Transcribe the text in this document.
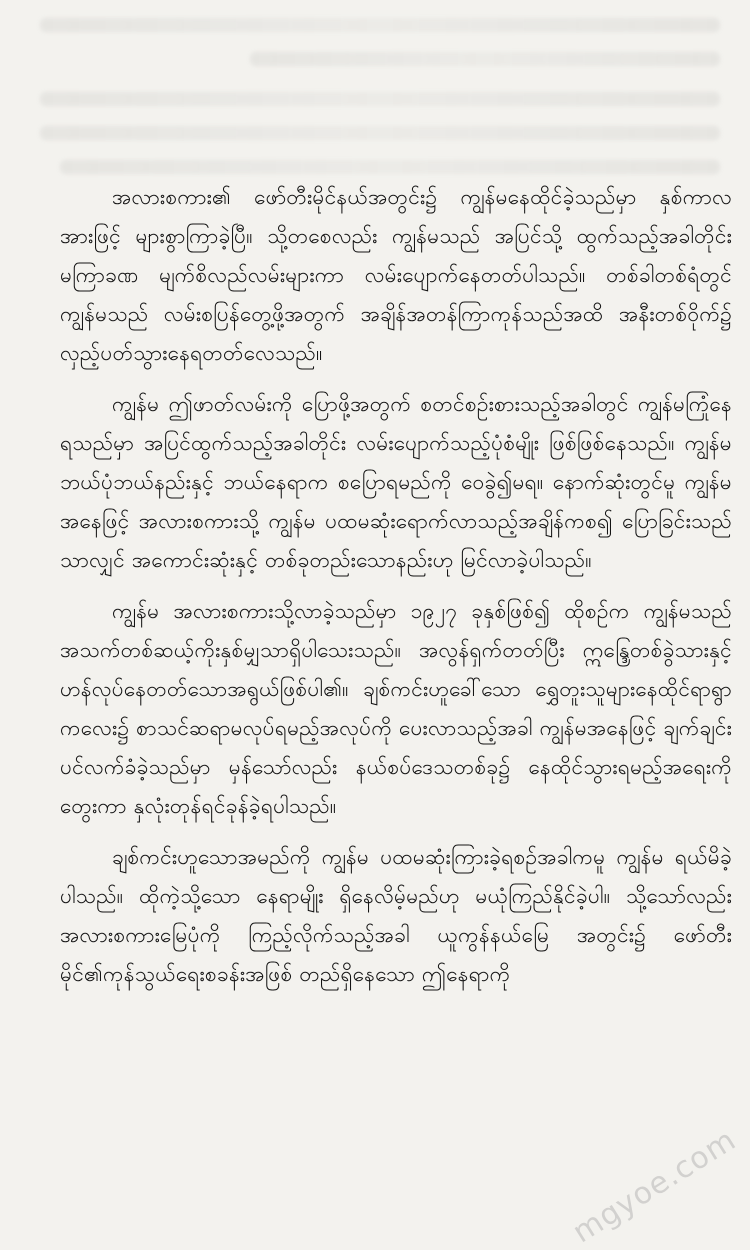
အလားစကား၏ ဖော်တီးမိုင်နယ်အတွင်း၌ ကျွန်မနေထိုင်ခဲ့သည်မှာ နှစ်ကာလအားဖြင့် များစွာကြာခဲ့ပြီ။ သို့တစေလည်း ကျွန်မသည် အပြင်သို့ ထွက်သည့်အခါတိုင်း မကြာခဏ မျက်စိလည်လမ်းများကာ လမ်းပျောက်နေတတ်ပါသည်။ တစ်ခါတစ်ရံတွင် ကျွန်မသည် လမ်းစပြန်တွေ့ဖို့အတွက် အချိန်အတန်ကြာကုန်သည်အထိ အနီးတစ်ဝိုက်၌ လှည့်ပတ်သွားနေရတတ်လေသည်။

ကျွန်မ ဤဖာတ်လမ်းကို ပြောဖို့အတွက် စတင်စဉ်းစားသည့်အခါတွင် ကျွန်မကြုံနေရသည်မှာ အပြင်ထွက်သည့်အခါတိုင်း လမ်းပျောက်သည့်ပုံစံမျိုး ဖြစ်ဖြစ်နေသည်။ ကျွန်မ ဘယ်ပုံဘယ်နည်းနှင့် ဘယ်နေရာက စပြောရမည်ကို ဝေခွဲ၍မရ။ နောက်ဆုံးတွင်မူ ကျွန်မအနေဖြင့် အလားစကားသို့ ကျွန်မ ပထမဆုံးရောက်လာသည့်အချိန်ကစ၍ ပြောခြင်းသည်သာလျှင် အကောင်းဆုံးနှင့် တစ်ခုတည်းသောနည်းဟု မြင်လာခဲ့ပါသည်။

ကျွန်မ အလားစကားသို့လာခဲ့သည်မှာ ၁၉၂၇ ခုနှစ်ဖြစ်၍ ထိုစဉ်က ကျွန်မသည် အသက်တစ်ဆယ့်ကိုးနှစ်မျှသာရှိပါသေးသည်။ အလွန်ရှက်တတ်ပြီး ဣန္ဒြေတစ်ခွဲသားနှင့် ဟန်လုပ်နေတတ်သောအရွယ်ဖြစ်ပါ၏။ ချစ်ကင်းဟူခေါ်သော ရွှေတူးသူများနေထိုင်ရာရွာကလေး၌ စာသင်ဆရာမလုပ်ရမည့်အလုပ်ကို ပေးလာသည့်အခါ ကျွန်မအနေဖြင့် ချက်ချင်းပင်လက်ခံခဲ့သည်မှာ မှန်သော်လည်း နယ်စပ်ဒေသတစ်ခု၌ နေထိုင်သွားရမည့်အရေးကို တွေးကာ နှလုံးတုန်ရင်ခုန်ခဲ့ရပါသည်။

ချစ်ကင်းဟူသောအမည်ကို ကျွန်မ ပထမဆုံးကြားခဲ့ရစဉ်အခါကမူ ကျွန်မ ရယ်မိခဲ့ပါသည်။ ထိုကဲ့သို့သော နေရာမျိုး ရှိနေလိမ့်မည်ဟု မယုံကြည်နိုင်ခဲ့ပါ။ သို့သော်လည်း အလားစကားမြေပုံကို ကြည့်လိုက်သည့်အခါ ယူကွန်နယ်မြေ အတွင်း၌ ဖော်တီးမိုင်၏ကုန်သွယ်ရေးစခန်းအဖြစ် တည်ရှိနေသော ဤနေရာကို

mgyoe.com
